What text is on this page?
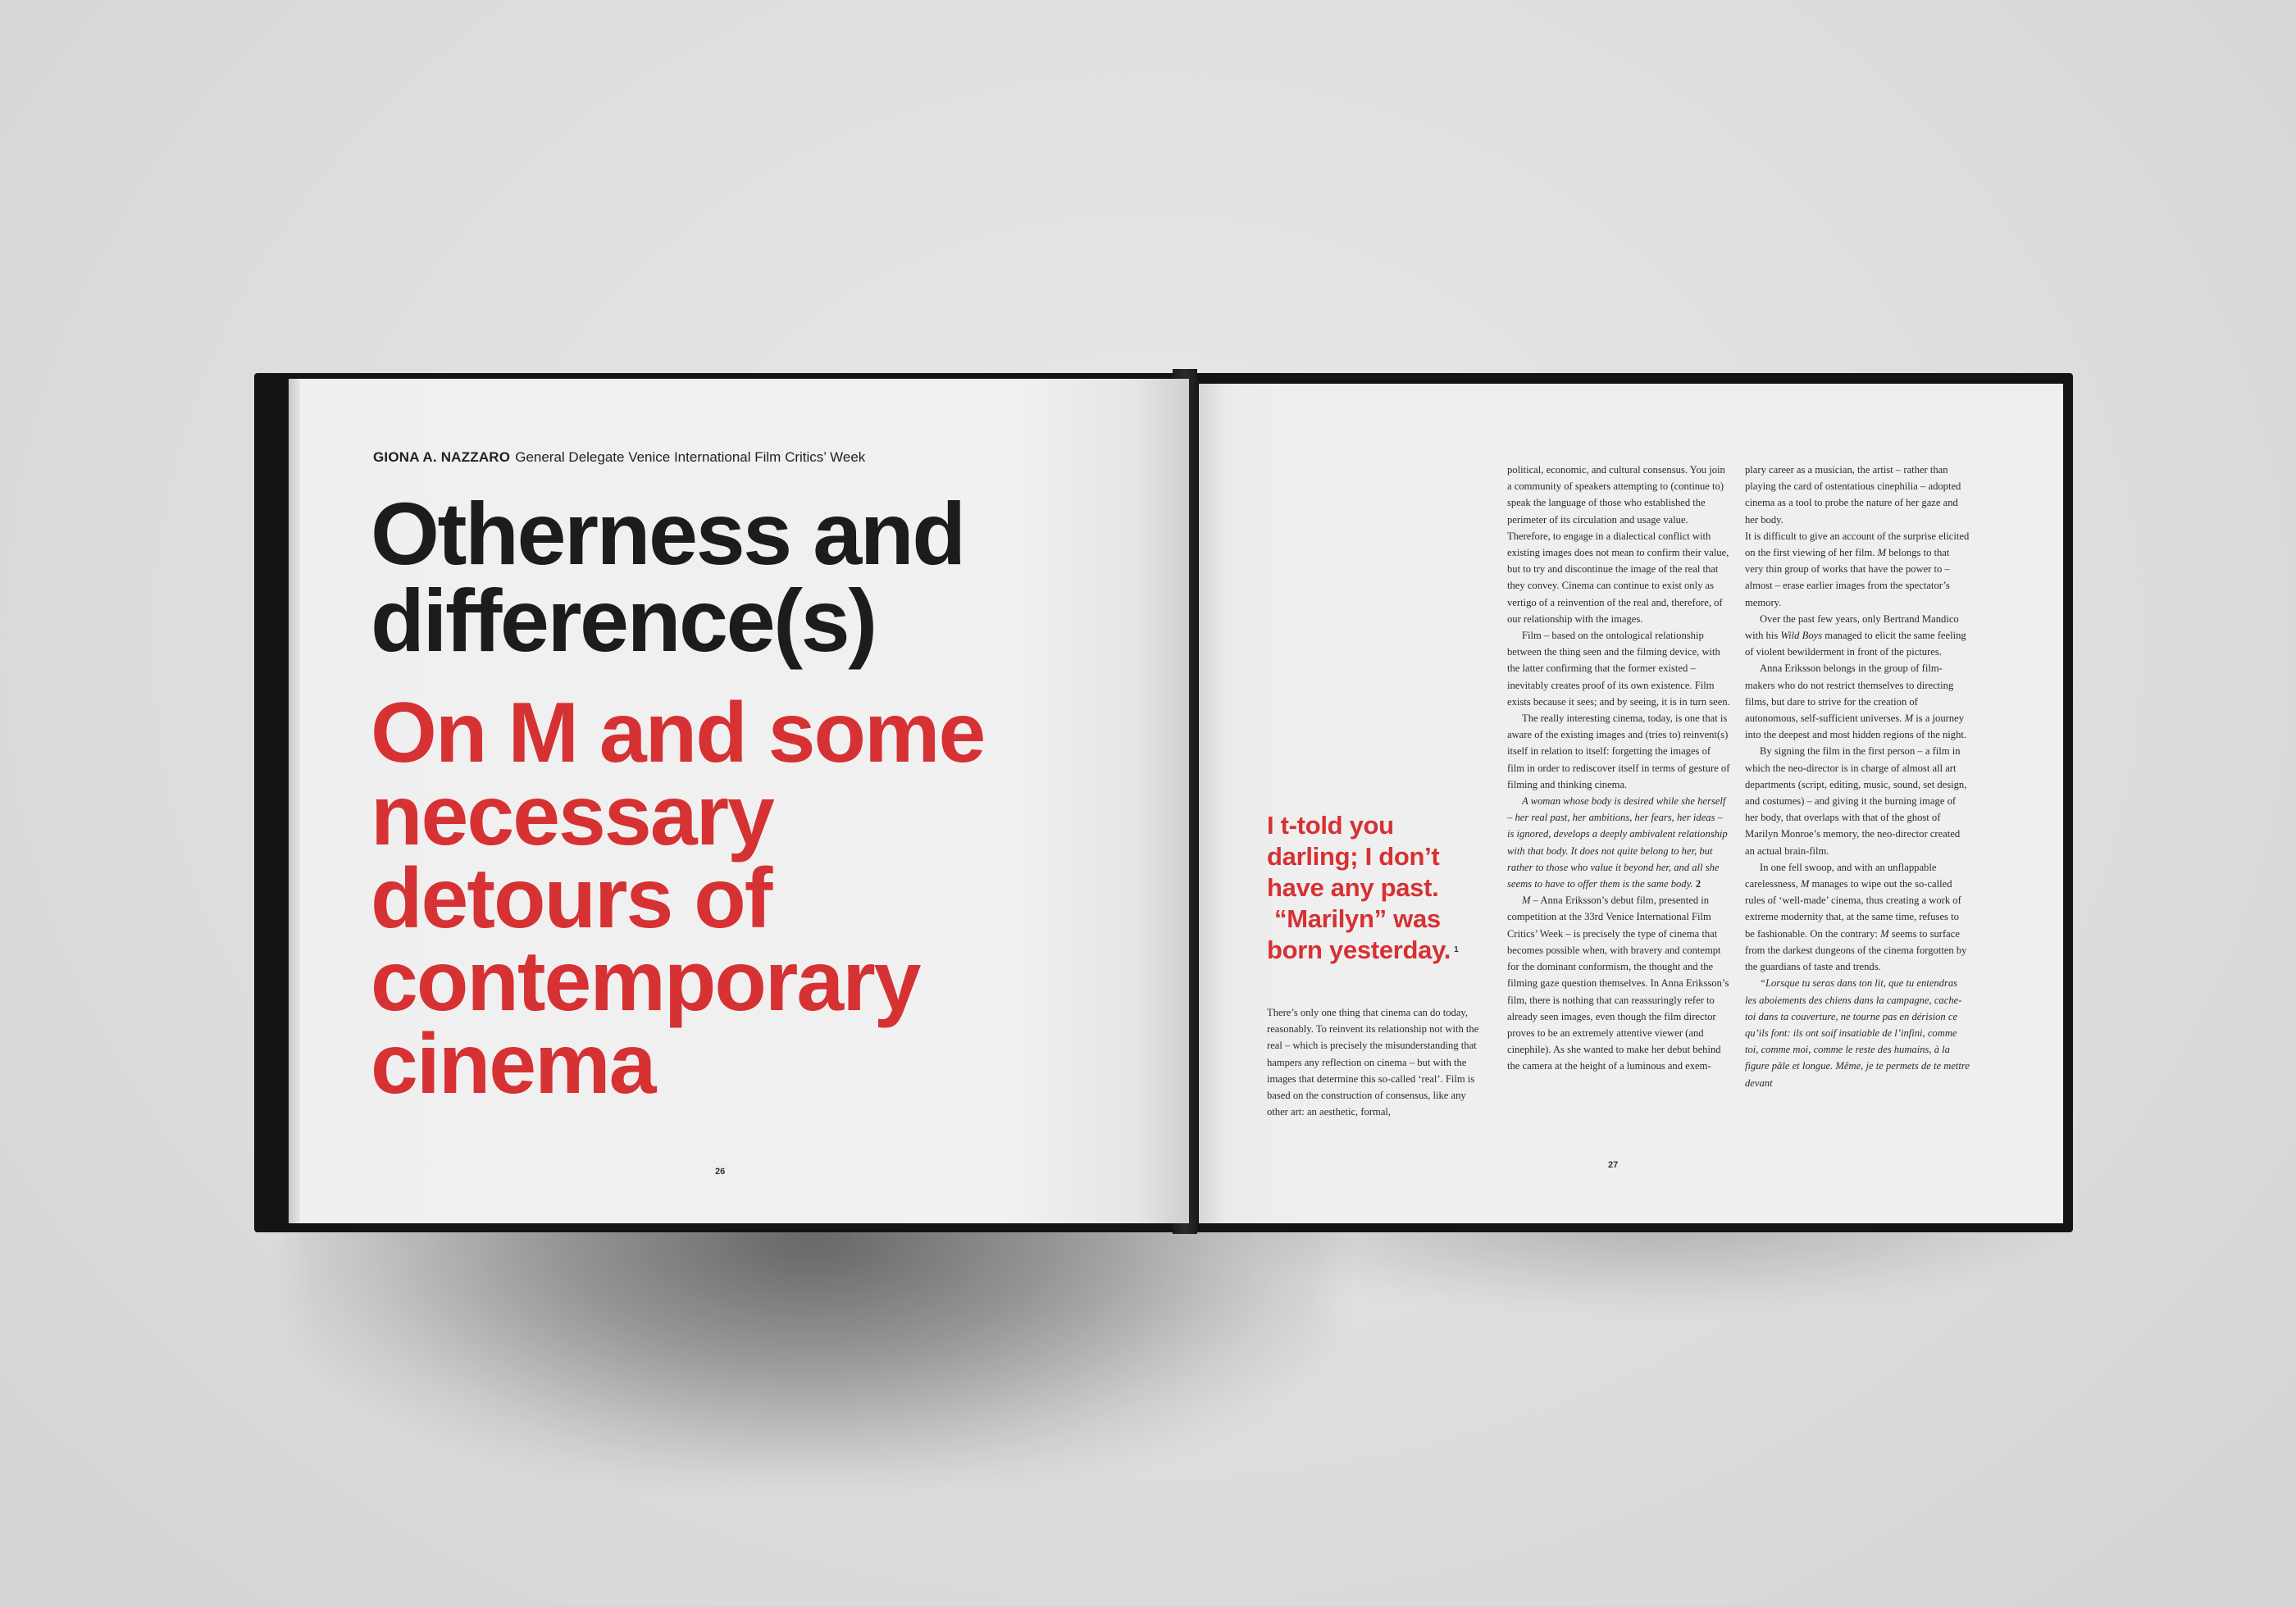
GIONA A. NAZZARO General Delegate Venice International Film Critics’ Week
Otherness and
difference(s)
On M and some
necessary
detours of
contemporary
cinema
26
27

I t-told you
darling; I don’t
have any past.
“Marilyn” was
born yesterday. $^1$

There’s only one thing that cinema can do today, reasonably. To reinvent its relationship not with the real – which is precisely the misunderstanding that hampers any reflection on cinema – but with the images that determine this so-called ‘real’. Film is based on the construction of consensus, like any other art: an aesthetic, formal,

political, economic, and cultural consensus. You join a community of speakers attempting to (continue to) speak the language of those who established the perimeter of its circulation and usage value. Therefore, to engage in a dialectical conflict with existing images does not mean to confirm their value, but to try and discontinue the image of the real that they convey. Cinema can continue to exist only as vertigo of a reinvention of the real and, therefore, of our relationship with the images.

Film – based on the ontological relationship between the thing seen and the filming device, with the latter confirming that the former existed – inevitably creates proof of its own existence. Film exists because it sees; and by seeing, it is in turn seen.

The really interesting cinema, today, is one that is aware of the existing images and (tries to) reinvent(s) itself in relation to itself: forgetting the images of film in order to rediscover itself in terms of gesture of filming and thinking cinema.

A woman whose body is desired while she herself – her real past, her ambitions, her fears, her ideas – is ignored, develops a deeply ambivalent relationship with that body. It does not quite belong to her, but rather to those who value it beyond her, and all she seems to have to offer them is the same body. 2

M – Anna Eriksson’s debut film, presented in competition at the 33rd Venice International Film Critics’ Week – is precisely the type of cinema that becomes possible when, with bravery and contempt for the dominant conformism, the thought and the filming gaze question themselves. In Anna Eriksson’s film, there is nothing that can reassuringly refer to already seen images, even though the film director proves to be an extremely attentive viewer (and cinephile). As she wanted to make her debut behind the camera at the height of a luminous and exem-

plary career as a musician, the artist – rather than playing the card of ostentatious cinephilia – adopted cinema as a tool to probe the nature of her gaze and her body.

It is difficult to give an account of the surprise elicited on the first viewing of her film. M belongs to that very thin group of works that have the power to – almost – erase earlier images from the spectator’s memory.

Over the past few years, only Bertrand Mandico with his Wild Boys managed to elicit the same feeling of violent bewilderment in front of the pictures.

Anna Eriksson belongs in the group of film-makers who do not restrict themselves to directing films, but dare to strive for the creation of autonomous, self-sufficient universes. M is a journey into the deepest and most hidden regions of the night.

By signing the film in the first person – a film in which the neo-director is in charge of almost all art departments (script, editing, music, sound, set design, and costumes) – and giving it the burning image of her body, that overlaps with that of the ghost of Marilyn Monroe’s memory, the neo-director created an actual brain-film.

In one fell swoop, and with an unflappable carelessness, M manages to wipe out the so-called rules of ‘well-made’ cinema, thus creating a work of extreme modernity that, at the same time, refuses to be fashionable. On the contrary: M seems to surface from the darkest dungeons of the cinema forgotten by the guardians of taste and trends.

“Lorsque tu seras dans ton lit, que tu entendras les aboiements des chiens dans la campagne, cache-toi dans ta couverture, ne tourne pas en dérision ce qu’ils font: ils ont soif insatiable de l’infini, comme toi, comme moi, comme le reste des humains, à la figure pâle et longue. Même, je te permets de te mettre devant
